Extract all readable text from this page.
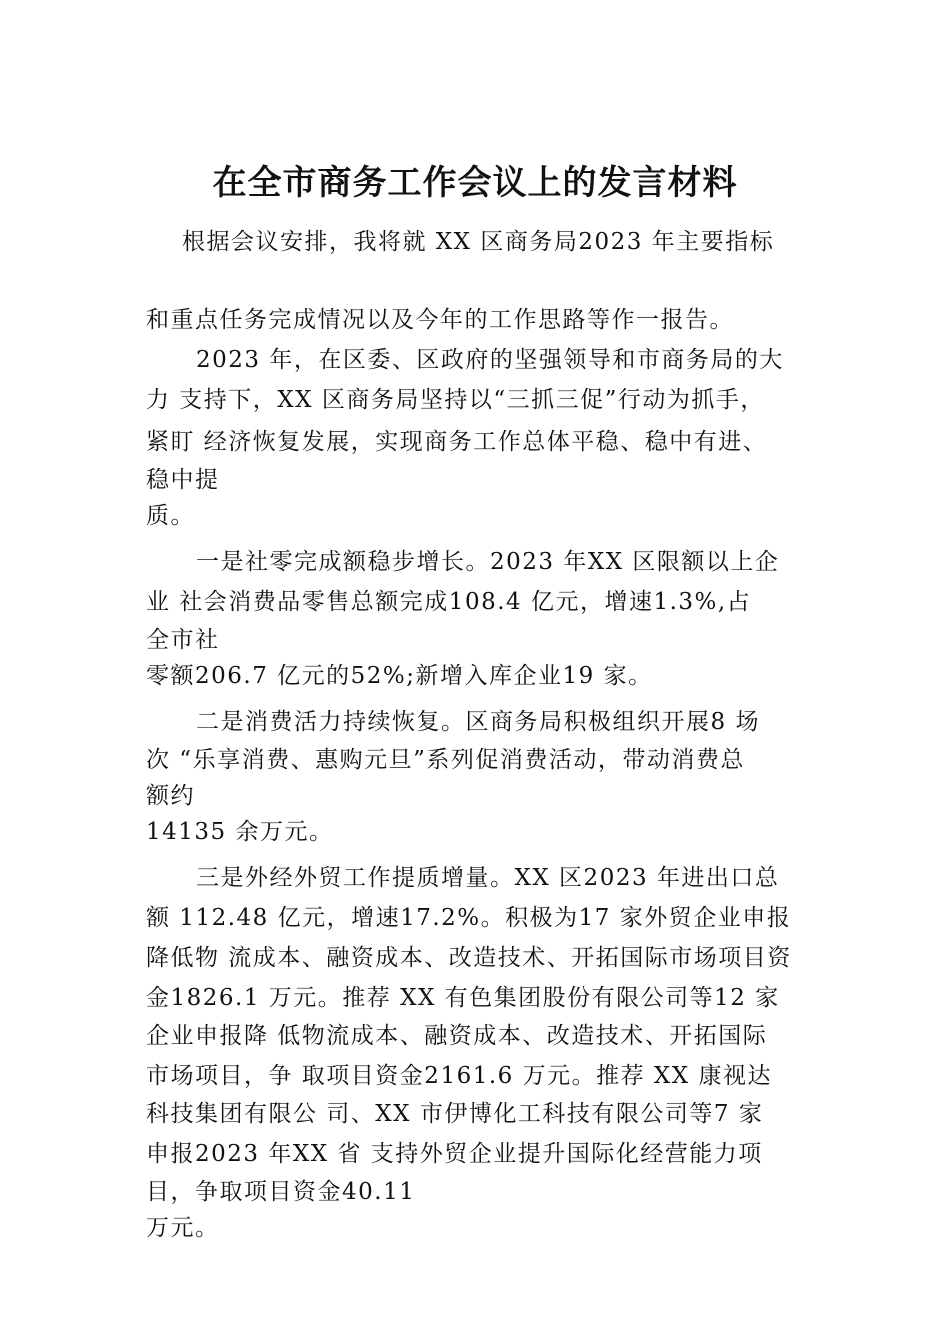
在全市商务工作会议上的发言材料
根据会议安排，我将就 XX 区商务局2023 年主要指标
和重点任务完成情况以及今年的工作思路等作一报告。
2023 年，在区委、区政府的坚强领导和市商务局的大
力 支持下，XX 区商务局坚持以“三抓三促”行动为抓手，
紧盯 经济恢复发展，实现商务工作总体平稳、稳中有进、
稳中提
质。
一是社零完成额稳步增长。2023 年XX 区限额以上企
业 社会消费品零售总额完成108.4 亿元，增速1.3%,占
全市社
零额206.7 亿元的52%;新增入库企业19 家。
二是消费活力持续恢复。区商务局积极组织开展8 场
次 “乐享消费、惠购元旦”系列促消费活动，带动消费总
额约
14135 余万元。
三是外经外贸工作提质增量。XX 区2023 年进出口总
额 112.48 亿元，增速17.2%。积极为17 家外贸企业申报
降低物 流成本、融资成本、改造技术、开拓国际市场项目资
金1826.1 万元。推荐 XX 有色集团股份有限公司等12 家
企业申报降 低物流成本、融资成本、改造技术、开拓国际
市场项目，争 取项目资金2161.6 万元。推荐 XX 康视达
科技集团有限公 司、XX 市伊博化工科技有限公司等7 家
申报2023 年XX 省 支持外贸企业提升国际化经营能力项
目，争取项目资金40.11
万元。
